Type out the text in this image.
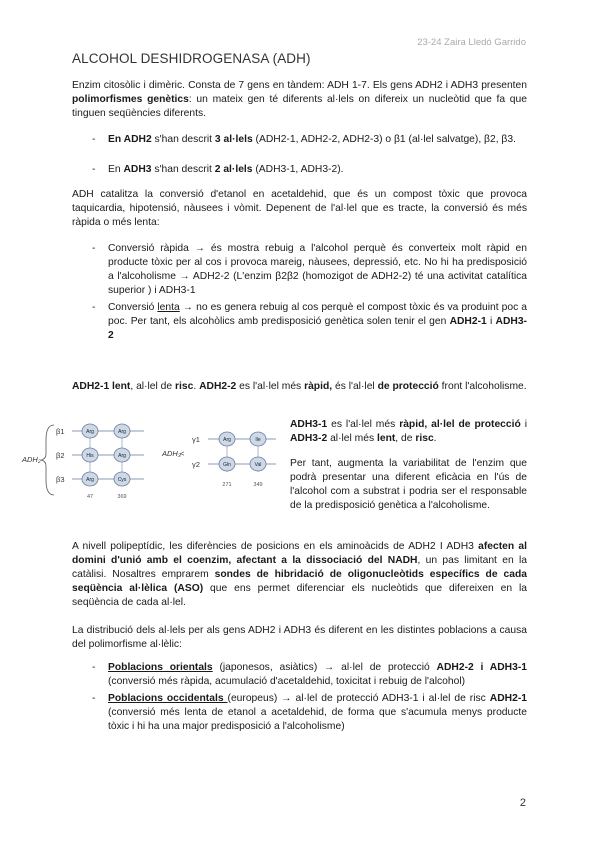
23-24 Zaira Lledó Garrido
ALCOHOL DESHIDROGENASA (ADH)
Enzim citosòlic i dimèric. Consta de 7 gens en tàndem: ADH 1-7. Els gens ADH2 i ADH3 presenten polimorfismes genètics: un mateix gen té diferents al·lels on difereix un nucleòtid que fa que tinguen seqüències diferents.
- En ADH2 s'han descrit 3 al·lels (ADH2-1, ADH2-2, ADH2-3) o β1 (al·lel salvatge), β2, β3.
- En ADH3 s'han descrit 2 al·lels (ADH3-1, ADH3-2).
ADH catalitza la conversió d'etanol en acetaldehid, que és un compost tòxic que provoca taquicardia, hipotensió, nàusees i vòmit. Depenent de l'al·lel que es tracte, la conversió és més ràpida o més lenta:
- Conversió ràpida → és mostra rebuig a l'alcohol perquè és converteix molt ràpid en producte tòxic per al cos i provoca mareig, nàusees, depressió, etc. No hi ha predisposició a l'alcoholisme → ADH2-2 (L'enzim β2β2 (homozigot de ADH2-2) té una activitat catalítica superior ) i ADH3-1
- Conversió lenta → no es genera rebuig al cos perquè el compost tòxic és va produint poc a poc. Per tant, els alcohòlics amb predisposició genètica solen tenir el gen ADH2-1 i ADH3-2
ADH2-1 lent, al·lel de risc. ADH2-2 es l'al·lel més ràpid, és l'al·lel de protecció front l'alcoholisme.
ADH₂
β1
β2
β3
Arg	Arg
His	Arg
Arg	Cys
47	369
ADH₃ <
γ1
γ2
Arg	Ile
Gln	Val
271	349
ADH3-1 es l'al·lel més ràpid, al·lel de protecció i ADH3-2 al·lel més lent, de risc.
Per tant, augmenta la variabilitat de l'enzim que podrà presentar una diferent eficàcia en l'ús de l'alcohol com a substrat i podria ser el responsable de la predisposició genètica a l'alcoholisme.
A nivell polipeptídic, les diferències de posicions en els aminoàcids de ADH2 I ADH3 afecten al domini d'unió amb el coenzim, afectant a la dissociació del NADH, un pas limitant en la catàlisi. Nosaltres emprarem sondes de hibridació de oligonucleòtids específics de cada seqüència al·lèlica (ASO) que ens permet diferenciar els nucleòtids que difereixen en la seqüència de cada al·lel.
La distribució dels al·lels per als gens ADH2 i ADH3 és diferent en les distintes poblacions a causa del polimorfisme al·lèlic:
- Poblacions orientals (japonesos, asiàtics) → al·lel de protecció ADH2-2 i ADH3-1 (conversió més ràpida, acumulació d'acetaldehid, toxicitat i rebuig de l'alcohol)
- Poblacions occidentals (europeus) → al·lel de protecció ADH3-1 i al·lel de risc ADH2-1 (conversió més lenta de etanol a acetaldehid, de forma que s'acumula menys producte tòxic i hi ha una major predisposició a l'alcoholisme)
2
